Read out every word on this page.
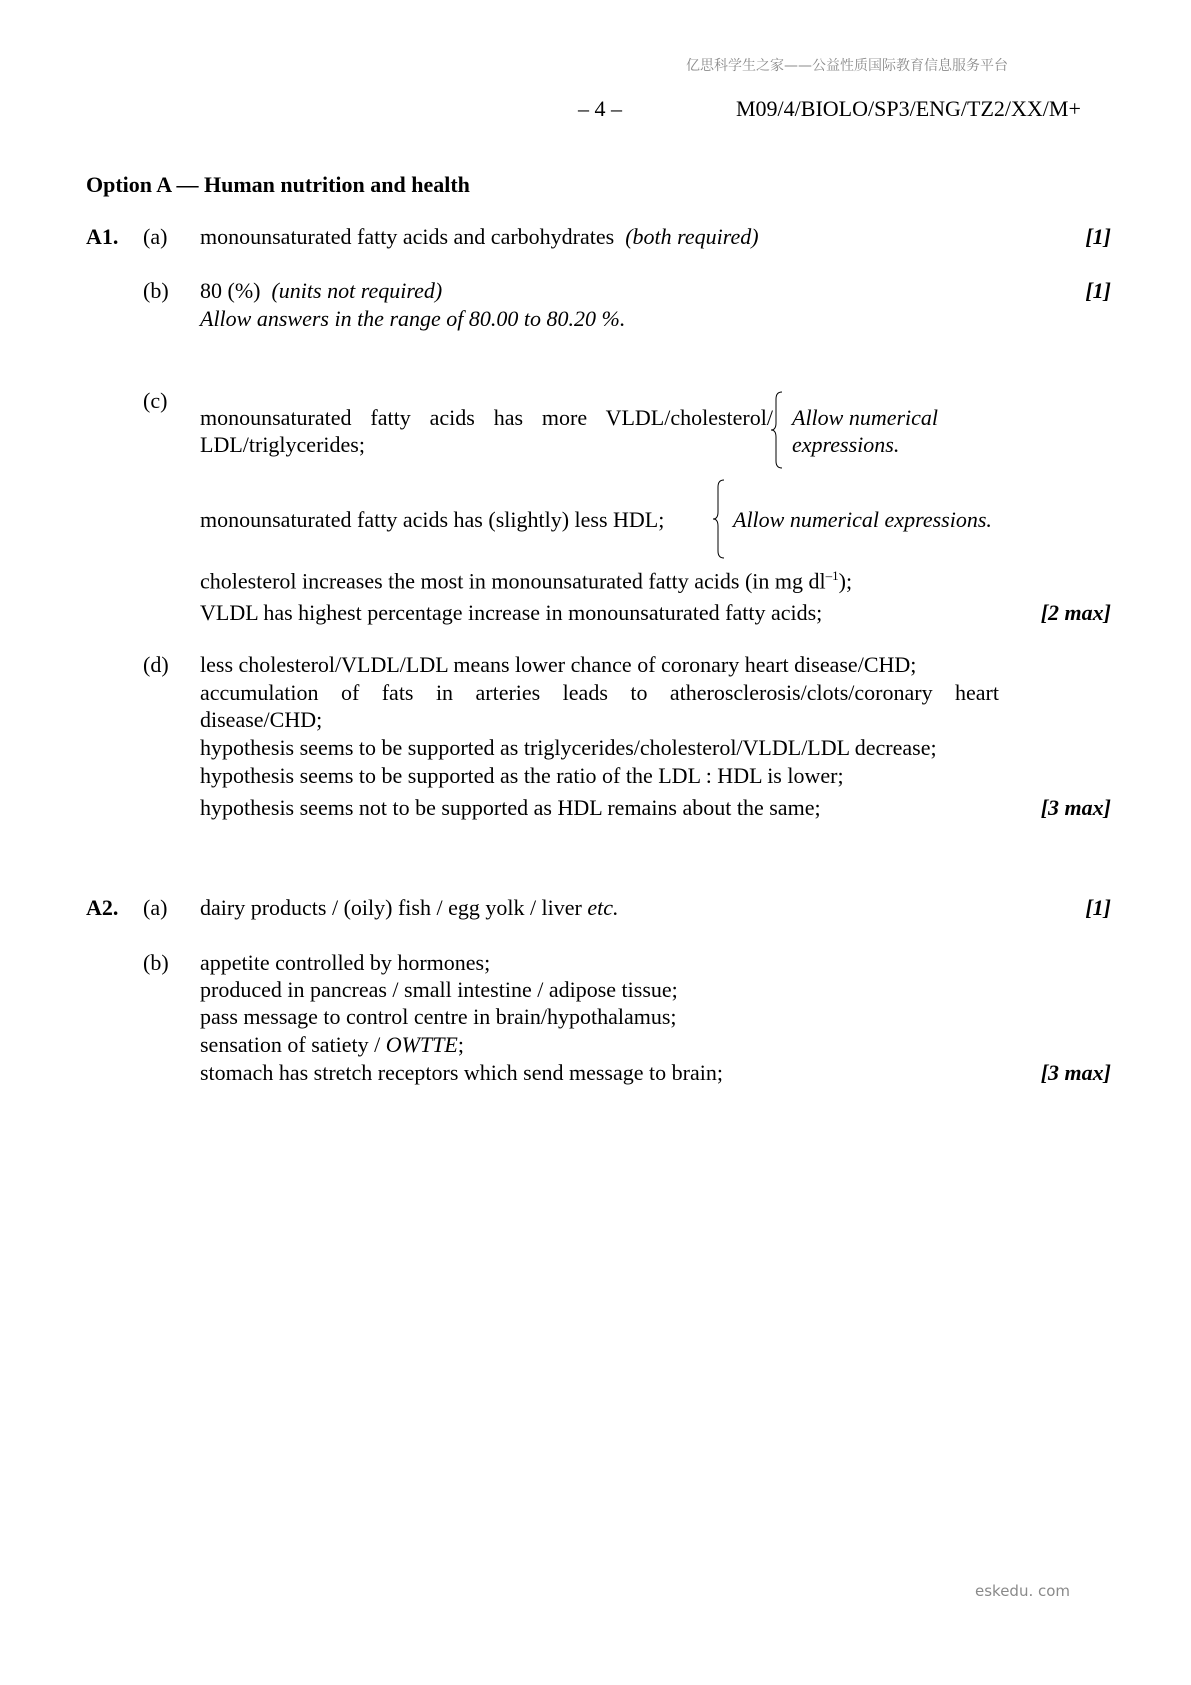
亿思科学生之家——公益性质国际教育信息服务平台
– 4 –	M09/4/BIOLO/SP3/ENG/TZ2/XX/M+
Option A — Human nutrition and health
A1. (a) monounsaturated fatty acids and carbohydrates (both required)	[1]
(b) 80 (%) (units not required)	[1]
Allow answers in the range of 80.00 to 80.20 %.
(c)
monounsaturated fatty acids has more VLDL/cholesterol/
LDL/triglycerides;
Allow numerical
expressions.
monounsaturated fatty acids has (slightly) less HDL;	Allow numerical expressions.
cholesterol increases the most in monounsaturated fatty acids (in mg $dl^{-1}$);
VLDL has highest percentage increase in monounsaturated fatty acids;	[2 max]
(d) less cholesterol/VLDL/LDL means lower chance of coronary heart disease/CHD;
accumulation of fats in arteries leads to atherosclerosis/clots/coronary heart
disease/CHD;
hypothesis seems to be supported as triglycerides/cholesterol/VLDL/LDL decrease;
hypothesis seems to be supported as the ratio of the LDL : HDL is lower;
hypothesis seems not to be supported as HDL remains about the same;	[3 max]
A2. (a) dairy products / (oily) fish / egg yolk / liver etc.	[1]
(b) appetite controlled by hormones;
produced in pancreas / small intestine / adipose tissue;
pass message to control centre in brain/hypothalamus;
sensation of satiety / OWTTE;
stomach has stretch receptors which send message to brain;	[3 max]
eskedu. com
